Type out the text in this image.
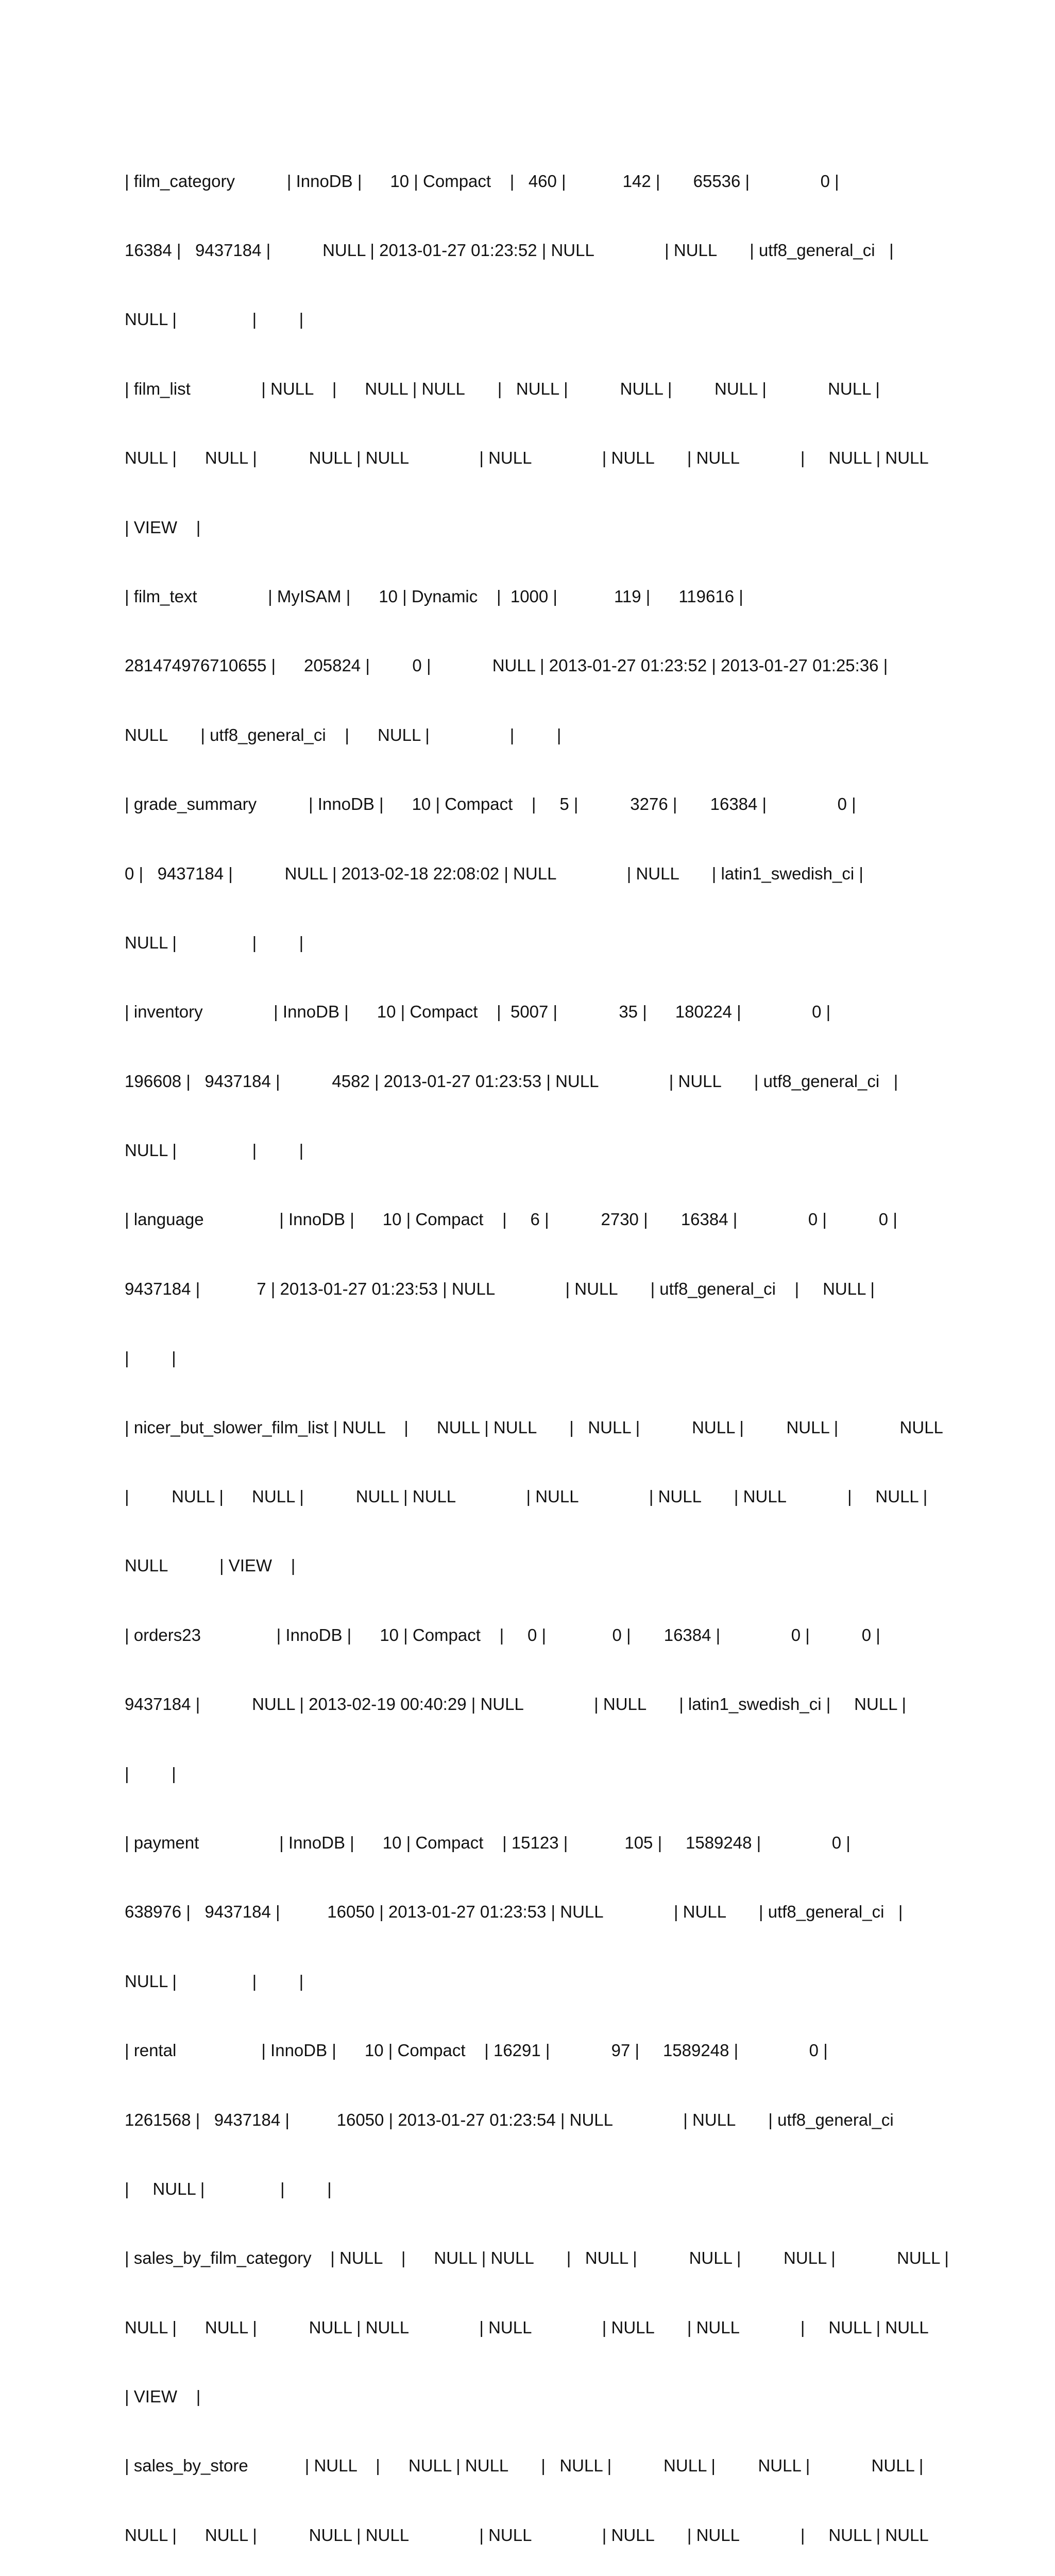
| film_category           | InnoDB |      10 | Compact    |   460 |            142 |       65536 |               0 |

16384 |   9437184 |           NULL | 2013-01-27 01:23:52 | NULL               | NULL       | utf8_general_ci   |

NULL |                |         |

| film_list               | NULL    |      NULL | NULL       |   NULL |           NULL |         NULL |             NULL |

NULL |      NULL |           NULL | NULL               | NULL               | NULL       | NULL             |     NULL | NULL

| VIEW    |

| film_text               | MyISAM |      10 | Dynamic    |  1000 |            119 |      119616 |

281474976710655 |      205824 |         0 |             NULL | 2013-01-27 01:23:52 | 2013-01-27 01:25:36 |

NULL       | utf8_general_ci    |      NULL |                 |         |

| grade_summary           | InnoDB |      10 | Compact    |     5 |           3276 |       16384 |               0 |

0 |   9437184 |           NULL | 2013-02-18 22:08:02 | NULL               | NULL       | latin1_swedish_ci |

NULL |                |         |

| inventory               | InnoDB |      10 | Compact    |  5007 |             35 |      180224 |               0 |

196608 |   9437184 |           4582 | 2013-01-27 01:23:53 | NULL               | NULL       | utf8_general_ci   |

NULL |                |         |

| language                | InnoDB |      10 | Compact    |     6 |           2730 |       16384 |               0 |           0 |

9437184 |            7 | 2013-01-27 01:23:53 | NULL               | NULL       | utf8_general_ci    |     NULL |

|         |

| nicer_but_slower_film_list | NULL    |      NULL | NULL       |   NULL |           NULL |         NULL |             NULL

|         NULL |      NULL |           NULL | NULL               | NULL               | NULL       | NULL             |     NULL |

NULL           | VIEW    |

| orders23                | InnoDB |      10 | Compact    |     0 |              0 |       16384 |               0 |           0 |

9437184 |           NULL | 2013-02-19 00:40:29 | NULL               | NULL       | latin1_swedish_ci |     NULL |

|         |

| payment                 | InnoDB |      10 | Compact    | 15123 |            105 |     1589248 |               0 |

638976 |   9437184 |          16050 | 2013-01-27 01:23:53 | NULL               | NULL       | utf8_general_ci   |

NULL |                |         |

| rental                  | InnoDB |      10 | Compact    | 16291 |             97 |     1589248 |               0 |

1261568 |   9437184 |          16050 | 2013-01-27 01:23:54 | NULL               | NULL       | utf8_general_ci

|     NULL |                |         |

| sales_by_film_category    | NULL    |      NULL | NULL       |   NULL |           NULL |         NULL |             NULL |

NULL |      NULL |           NULL | NULL               | NULL               | NULL       | NULL             |     NULL | NULL

| VIEW    |

| sales_by_store            | NULL    |      NULL | NULL       |   NULL |           NULL |         NULL |             NULL |

NULL |      NULL |           NULL | NULL               | NULL               | NULL       | NULL             |     NULL | NULL
